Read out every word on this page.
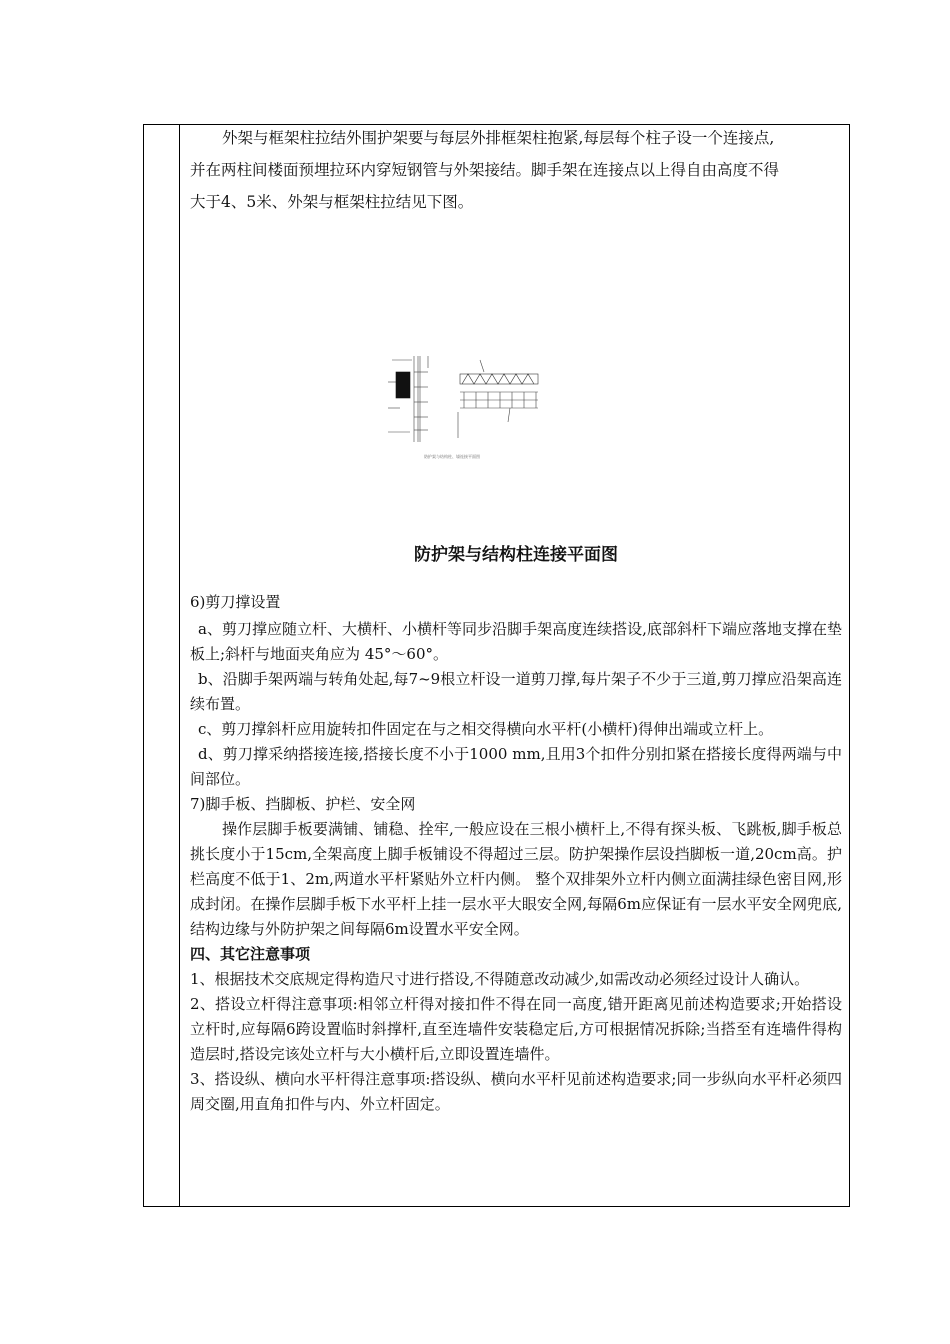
外架与框架柱拉结外围护架要与每层外排框架柱抱紧,每层每个柱子设一个连接点,
并在两柱间楼面预埋拉环内穿短钢管与外架接结。脚手架在连接点以上得自由高度不得
大于4、5米、外架与框架柱拉结见下图。

防护架与结构柱、墙连接平面图
防护架与结构柱连接平面图

6)剪刀撑设置

a、剪刀撑应随立杆、大横杆、小横杆等同步沿脚手架高度连续搭设,底部斜杆下端应落地支撑在垫板上;斜杆与地面夹角应为 45°～60°。

b、沿脚手架两端与转角处起,每7~9根立杆设一道剪刀撑,每片架子不少于三道,剪刀撑应沿架高连续布置。

c、剪刀撑斜杆应用旋转扣件固定在与之相交得横向水平杆(小横杆)得伸出端或立杆上。

d、剪刀撑采纳搭接连接,搭接长度不小于1000 mm,且用3个扣件分别扣紧在搭接长度得两端与中间部位。

7)脚手板、挡脚板、护栏、安全网

操作层脚手板要满铺、铺稳、拴牢,一般应设在三根小横杆上,不得有探头板、飞跳板,脚手板总挑长度小于15cm,全架高度上脚手板铺设不得超过三层。防护架操作层设挡脚板一道,20cm高。护栏高度不低于1、2m,两道水平杆紧贴外立杆内侧。 整个双排架外立杆内侧立面满挂绿色密目网,形成封闭。在操作层脚手板下水平杆上挂一层水平大眼安全网,每隔6m应保证有一层水平安全网兜底,结构边缘与外防护架之间每隔6m设置水平安全网。

四、其它注意事项

1、根据技术交底规定得构造尺寸进行搭设,不得随意改动减少,如需改动必须经过设计人确认。

2、搭设立杆得注意事项:相邻立杆得对接扣件不得在同一高度,错开距离见前述构造要求;开始搭设立杆时,应每隔6跨设置临时斜撑杆,直至连墙件安装稳定后,方可根据情况拆除;当搭至有连墙件得构造层时,搭设完该处立杆与大小横杆后,立即设置连墙件。

3、搭设纵、横向水平杆得注意事项:搭设纵、横向水平杆见前述构造要求;同一步纵向水平杆必须四周交圈,用直角扣件与内、外立杆固定。
